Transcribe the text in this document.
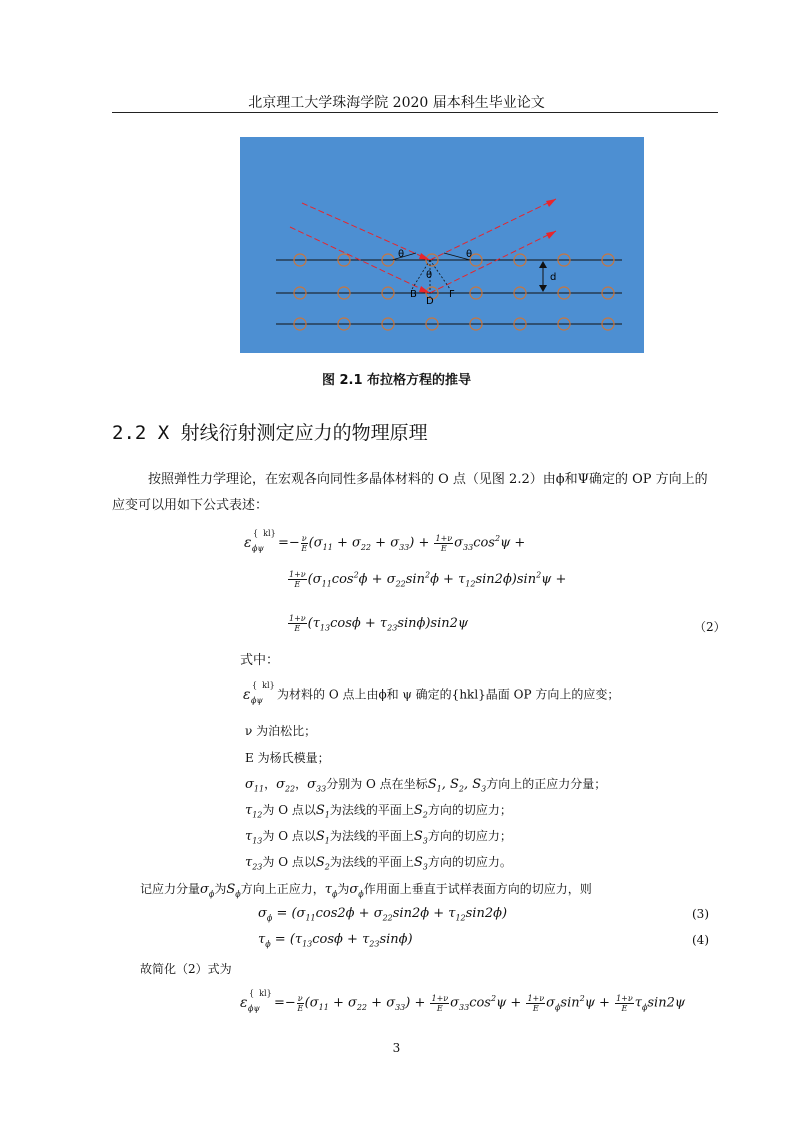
北京理工大学珠海学院 2020 届本科生毕业论文
θ	θ
θ	d
B
D
F
图 2.1 布拉格方程的推导
2.2 X 射线衍射测定应力的物理原理
按照弹性力学理论，在宏观各向同性多晶体材料的 O 点（见图 2.2）由ϕ和Ψ确定的 OP 方向上的应变可以用如下公式表述：
ε
{  kl}
$\phi\psi =- \frac{\nu}{E} (\sigma_{11} + \sigma_{22} + \sigma_{33}) + \frac{1+\nu}{E} \sigma_{33}\cos^2\psi$ +
$\frac{1+\nu}{E} (\sigma_{11}\cos^2\phi + \sigma_{22}\sin^2\phi + \tau_{12}\sin 2\phi)\sin^2\psi$ +
$\frac{1+\nu}{E} (\tau_{13}\cos\phi + \tau_{23}\sin\phi)\sin 2\psi$	（2）
式中：
ε
{  kl}
ϕψ 为材料的 O 点上由ϕ和 ψ 确定的{hkl}晶面 OP 方向上的应变；
ν 为泊松比；
E 为杨氏模量；
$\sigma_{11}$，$\sigma_{22}$，$\sigma_{33}$分别为 O 点在坐标$S_1$, $S_2$, $S_3$方向上的正应力分量；
$\tau_{12}$为 O 点以$S_1$为法线的平面上$S_2$方向的切应力；
$\tau_{13}$为 O 点以$S_1$为法线的平面上$S_3$方向的切应力；
$\tau_{23}$为 O 点以$S_2$为法线的平面上$S_3$方向的切应力。
记应力分量$\sigma_\phi$为$S_\phi$方向上正应力，$\tau_\phi$为$\sigma_\phi$作用面上垂直于试样表面方向的切应力，则
$\sigma_\phi = (\sigma_{11}\cos 2\phi + \sigma_{22}\sin 2\phi + \tau_{12}\sin 2\phi)$	(3)
$\tau_\phi = (\tau_{13}\cos\phi + \tau_{23}\sin\phi)$	(4)
故简化（2）式为
ε
{  kl}
$\phi\psi =- \frac{\nu}{E} (\sigma_{11} + \sigma_{22} + \sigma_{33}) + \frac{1+\nu}{E} \sigma_{33}\cos^2\psi + \frac{1+\nu}{E} \sigma_\phi\sin^2\psi + \frac{1+\nu}{E} \tau_\phi\sin 2\psi$
3
